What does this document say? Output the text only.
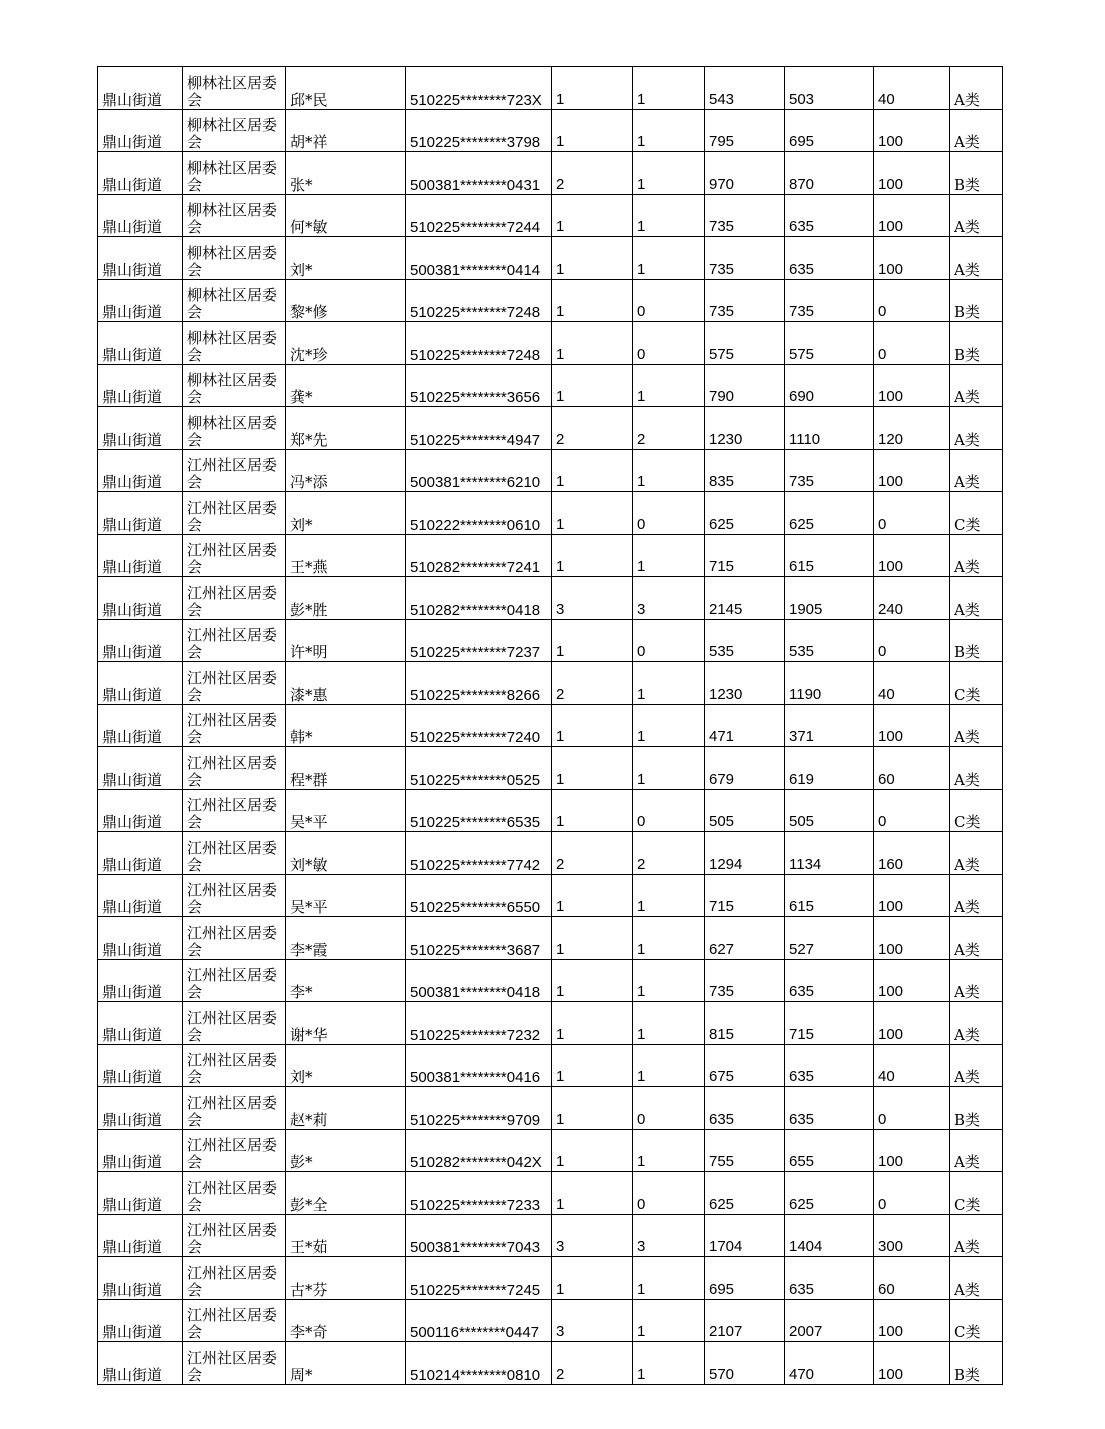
鼎山街道	柳林社区居委会	邱*民	510225********723X	1	1	543	503	40	A类
鼎山街道	柳林社区居委会	胡*祥	510225********3798	1	1	795	695	100	A类
鼎山街道	柳林社区居委会	张*	500381********0431	2	1	970	870	100	B类
鼎山街道	柳林社区居委会	何*敏	510225********7244	1	1	735	635	100	A类
鼎山街道	柳林社区居委会	刘*	500381********0414	1	1	735	635	100	A类
鼎山街道	柳林社区居委会	黎*修	510225********7248	1	0	735	735	0	B类
鼎山街道	柳林社区居委会	沈*珍	510225********7248	1	0	575	575	0	B类
鼎山街道	柳林社区居委会	龚*	510225********3656	1	1	790	690	100	A类
鼎山街道	柳林社区居委会	郑*先	510225********4947	2	2	1230	1110	120	A类
鼎山街道	江州社区居委会	冯*添	500381********6210	1	1	835	735	100	A类
鼎山街道	江州社区居委会	刘*	510222********0610	1	0	625	625	0	C类
鼎山街道	江州社区居委会	王*燕	510282********7241	1	1	715	615	100	A类
鼎山街道	江州社区居委会	彭*胜	510282********0418	3	3	2145	1905	240	A类
鼎山街道	江州社区居委会	许*明	510225********7237	1	0	535	535	0	B类
鼎山街道	江州社区居委会	漆*惠	510225********8266	2	1	1230	1190	40	C类
鼎山街道	江州社区居委会	韩*	510225********7240	1	1	471	371	100	A类
鼎山街道	江州社区居委会	程*群	510225********0525	1	1	679	619	60	A类
鼎山街道	江州社区居委会	吴*平	510225********6535	1	0	505	505	0	C类
鼎山街道	江州社区居委会	刘*敏	510225********7742	2	2	1294	1134	160	A类
鼎山街道	江州社区居委会	吴*平	510225********6550	1	1	715	615	100	A类
鼎山街道	江州社区居委会	李*霞	510225********3687	1	1	627	527	100	A类
鼎山街道	江州社区居委会	李*	500381********0418	1	1	735	635	100	A类
鼎山街道	江州社区居委会	谢*华	510225********7232	1	1	815	715	100	A类
鼎山街道	江州社区居委会	刘*	500381********0416	1	1	675	635	40	A类
鼎山街道	江州社区居委会	赵*莉	510225********9709	1	0	635	635	0	B类
鼎山街道	江州社区居委会	彭*	510282********042X	1	1	755	655	100	A类
鼎山街道	江州社区居委会	彭*全	510225********7233	1	0	625	625	0	C类
鼎山街道	江州社区居委会	王*茹	500381********7043	3	3	1704	1404	300	A类
鼎山街道	江州社区居委会	古*芬	510225********7245	1	1	695	635	60	A类
鼎山街道	江州社区居委会	李*奇	500116********0447	3	1	2107	2007	100	C类
鼎山街道	江州社区居委会	周*	510214********0810	2	1	570	470	100	B类
